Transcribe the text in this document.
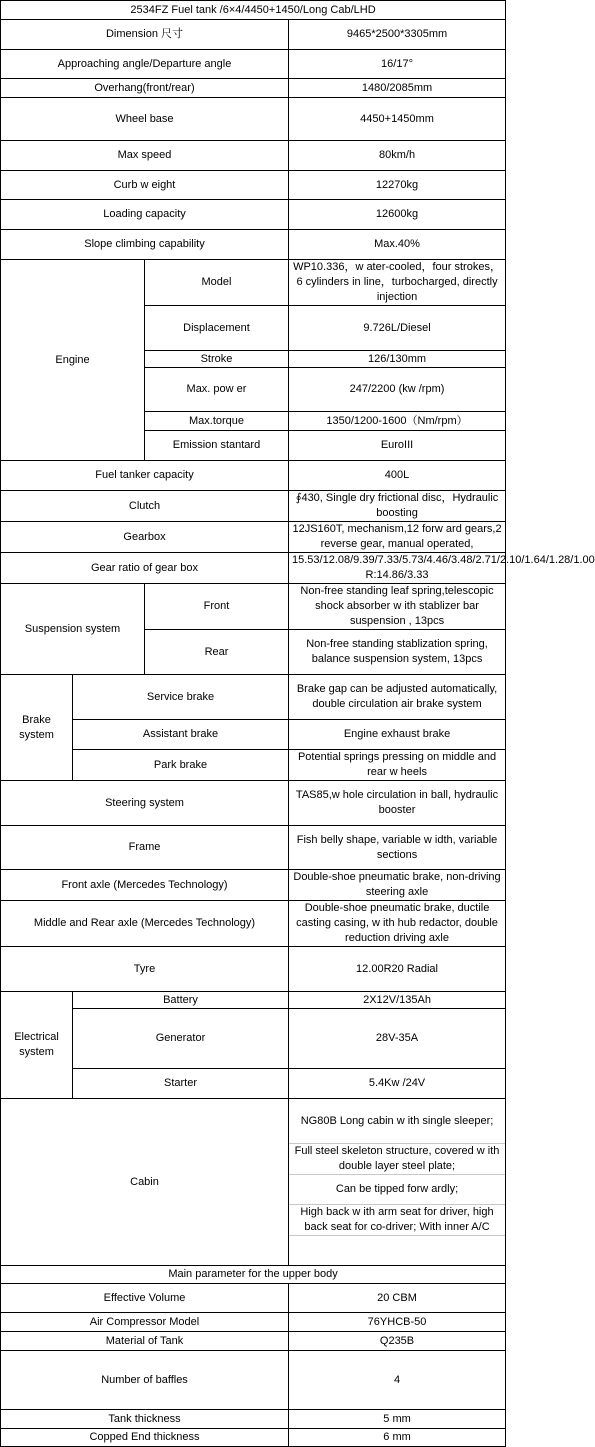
2534FZ Fuel tank /6×4/4450+1450/Long Cab/LHD			
Dimension 尺寸			9465*2500*3305mm
Approaching angle/Departure angle			16/17°
Overhang(front/rear)			1480/2085mm
Wheel base			4450+1450mm
Max speed			80km/h
Curb w eight			12270kg
Loading capacity			12600kg
Slope climbing capability			Max.40%
Engine		Model	WP10.336，w ater-cooled，four strokes，6 cylinders in line，turbocharged, directly injection
		Displacement	9.726L/Diesel
		Stroke	126/130mm
		Max. pow er	247/2200 (kw /rpm)
		Max.torque	1350/1200-1600（Nm/rpm）
		Emission stantard	EuroIII
Fuel tanker capacity			400L
Clutch			∮430, Single dry frictional disc，Hydraulic boosting
Gearbox			12JS160T, mechanism,12 forw ard gears,2 reverse gear, manual operated,
Gear ratio of gear box			15.53/12.08/9.39/7.33/5.73/4.46/3.48/2.71/2.10/1.64/1.28/1.00 R:14.86/3.33
Suspension system		Front	Non-free standing leaf spring,telescopic shock absorber w ith stablizer bar suspension , 13pcs
		Rear	Non-free standing stablization spring, balance suspension system, 13pcs
Brake system	Service brake		Brake gap can be adjusted automatically, double circulation air brake system
	Assistant brake		Engine exhaust brake
	Park brake		Potential springs pressing on middle and rear w heels
Steering system			TAS85,w hole circulation in ball, hydraulic booster
Frame			Fish belly shape, variable w idth, variable sections
Front axle (Mercedes Technology)			Double-shoe pneumatic brake, non-driving steering axle
Middle and Rear axle (Mercedes Technology)			Double-shoe pneumatic brake, ductile casting casing, w ith hub redactor, double reduction driving axle
Tyre			12.00R20 Radial
Electrical system	Battery		2X12V/135Ah
	Generator		28V-35A
	Starter		5.4Kw /24V
Cabin			NG80B Long cabin w ith single sleeper;
			Full steel skeleton structure, covered w ith double layer steel plate;
			Can be tipped forw ardly;
			High back w ith arm seat for driver, high back seat for co-driver; With inner A/C

Main parameter for the upper body			
Effective Volume			20 CBM
Air Compressor Model			76YHCB-50
Material of Tank			Q235B
Number of baffles			4
Tank thickness			5 mm
Copped End thickness			6 mm
